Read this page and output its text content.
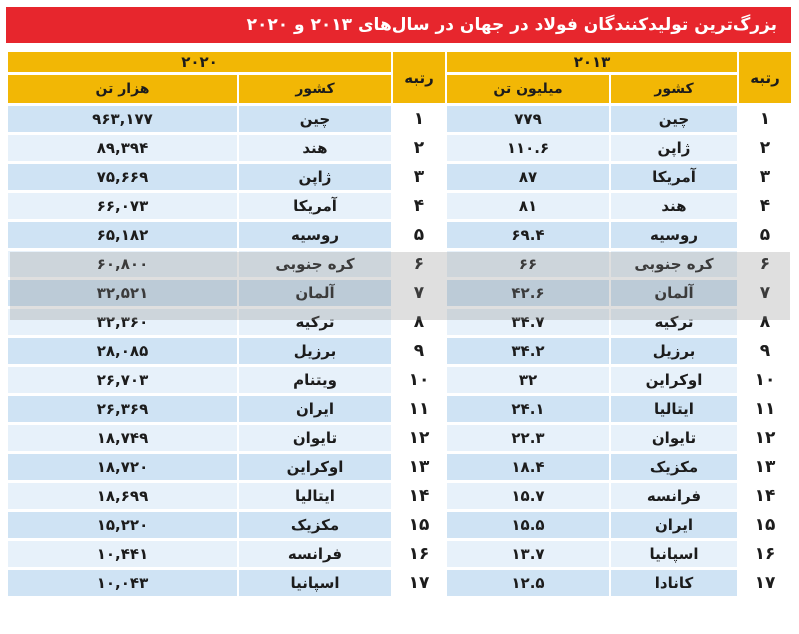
بزرگ‌ترین تولیدکنندگان فولاد در جهان در سال‌های ۲۰۱۳ و ۲۰۲۰
رتبه	۲۰۱۳		رتبه	۲۰۲۰	
	کشور	میلیون تن		کشور	هزار تن
۱	چین	۷۷۹	۱	چین	۹۶۳,۱۷۷
۲	ژاپن	۱۱۰.۶	۲	هند	۸۹,۳۹۴
۳	آمریکا	۸۷	۳	ژاپن	۷۵,۶۶۹
۴	هند	۸۱	۴	آمریکا	۶۶,۰۷۳
۵	روسیه	۶۹.۴	۵	روسیه	۶۵,۱۸۲
۶	کره جنوبی	۶۶	۶	کره جنوبی	۶۰,۸۰۰
۷	آلمان	۴۲.۶	۷	آلمان	۳۲,۵۲۱
۸	ترکیه	۳۴.۷	۸	ترکیه	۳۲,۳۶۰
۹	برزیل	۳۴.۲	۹	برزیل	۲۸,۰۸۵
۱۰	اوکراین	۳۲	۱۰	ویتنام	۲۶,۷۰۳
۱۱	ایتالیا	۲۴.۱	۱۱	ایران	۲۶,۳۶۹
۱۲	تایوان	۲۲.۳	۱۲	تایوان	۱۸,۷۴۹
۱۳	مکزیک	۱۸.۴	۱۳	اوکراین	۱۸,۷۲۰
۱۴	فرانسه	۱۵.۷	۱۴	ایتالیا	۱۸,۶۹۹
۱۵	ایران	۱۵.۵	۱۵	مکزیک	۱۵,۲۲۰
۱۶	اسپانیا	۱۳.۷	۱۶	فرانسه	۱۰,۴۴۱
۱۷	کانادا	۱۲.۵	۱۷	اسپانیا	۱۰,۰۴۳
